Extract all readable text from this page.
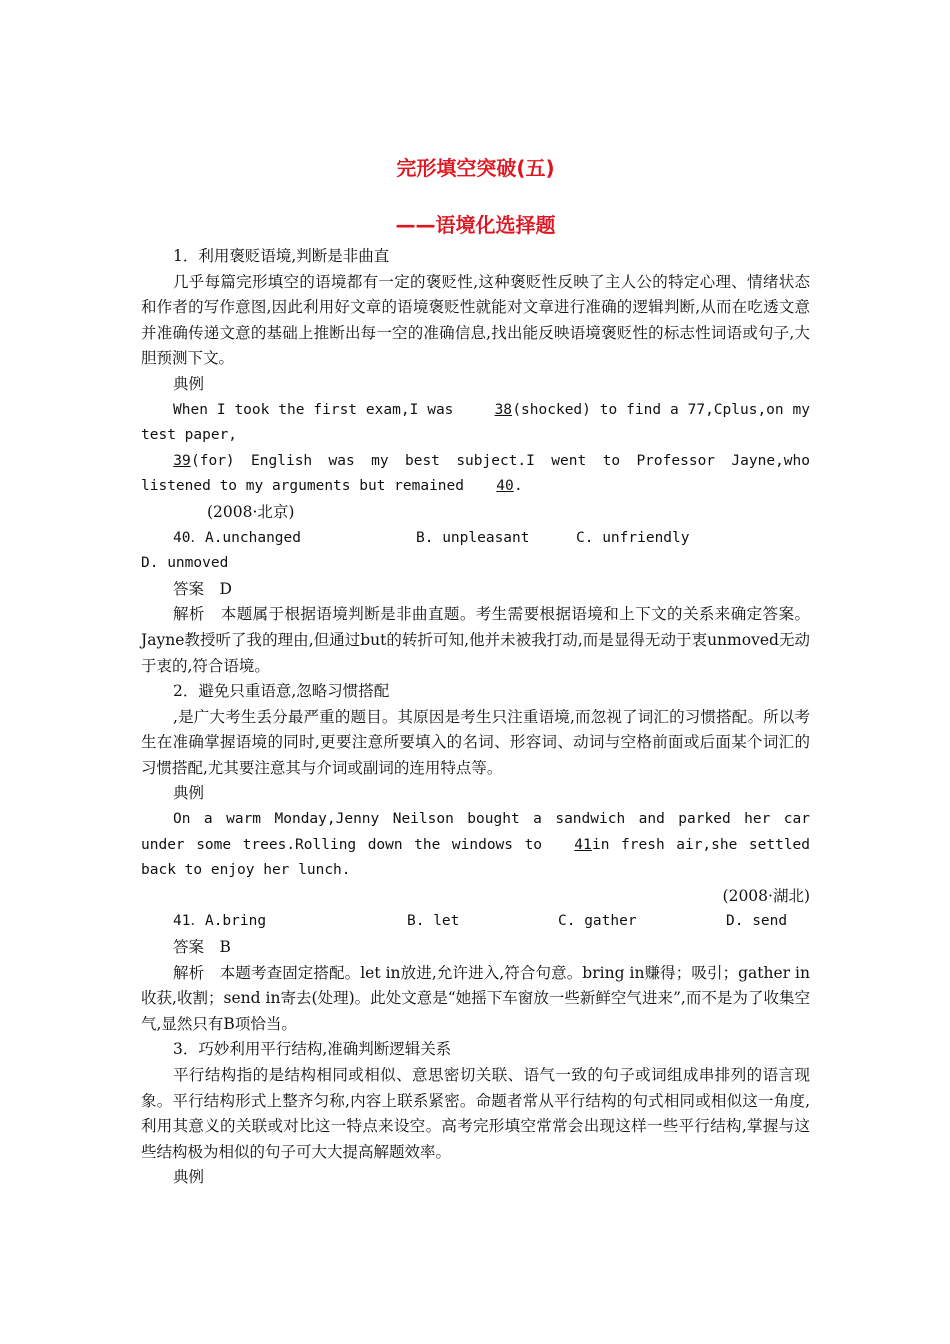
完形填空突破(五)
——语境化选择题

1．利用褒贬语境,判断是非曲直

几乎每篇完形填空的语境都有一定的褒贬性,这种褒贬性反映了主人公的特定心理、情绪状态和作者的写作意图,因此利用好文章的语境褒贬性就能对文章进行准确的逻辑判断,从而在吃透文意并准确传递文意的基础上推断出每一空的准确信息,找出能反映语境褒贬性的标志性词语或句子,大胆预测下文。

典例

When I took the first exam,I was 38(shocked) to find a 77,Cplus,on my test paper,
39(for) English was my best subject.I went to Professor Jayne,who listened to my arguments but remained40.

(2008·北京)

40．A.unchanged	B. unpleasant	C. unfriendly
D. unmoved

答案　D

解析　本题属于根据语境判断是非曲直题。考生需要根据语境和上下文的关系来确定答案。Jayne教授听了我的理由,但通过but的转折可知,他并未被我打动,而是显得无动于衷unmoved无动于衷的,符合语境。

2．避免只重语意,忽略习惯搭配

,是广大考生丢分最严重的题目。其原因是考生只注重语境,而忽视了词汇的习惯搭配。所以考生在准确掌握语境的同时,更要注意所要填入的名词、形容词、动词与空格前面或后面某个词汇的习惯搭配,尤其要注意其与介词或副词的连用特点等。

典例

On a warm Monday,Jenny Neilson bought a sandwich and parked her car under some trees.Rolling down the windows to41in fresh air,she settled back to enjoy her lunch.

(2008·湖北)

41．A.bring	B. let	C. gather	D. send

答案　B

解析　本题考查固定搭配。let in放进,允许进入,符合句意。bring in赚得；吸引；gather in收获,收割；send in寄去(处理)。此处文意是“她摇下车窗放一些新鲜空气进来”,而不是为了收集空气,显然只有B项恰当。

3．巧妙利用平行结构,准确判断逻辑关系

平行结构指的是结构相同或相似、意思密切关联、语气一致的句子或词组成串排列的语言现象。平行结构形式上整齐匀称,内容上联系紧密。命题者常从平行结构的句式相同或相似这一角度,利用其意义的关联或对比这一特点来设空。高考完形填空常常会出现这样一些平行结构,掌握与这些结构极为相似的句子可大大提高解题效率。

典例
